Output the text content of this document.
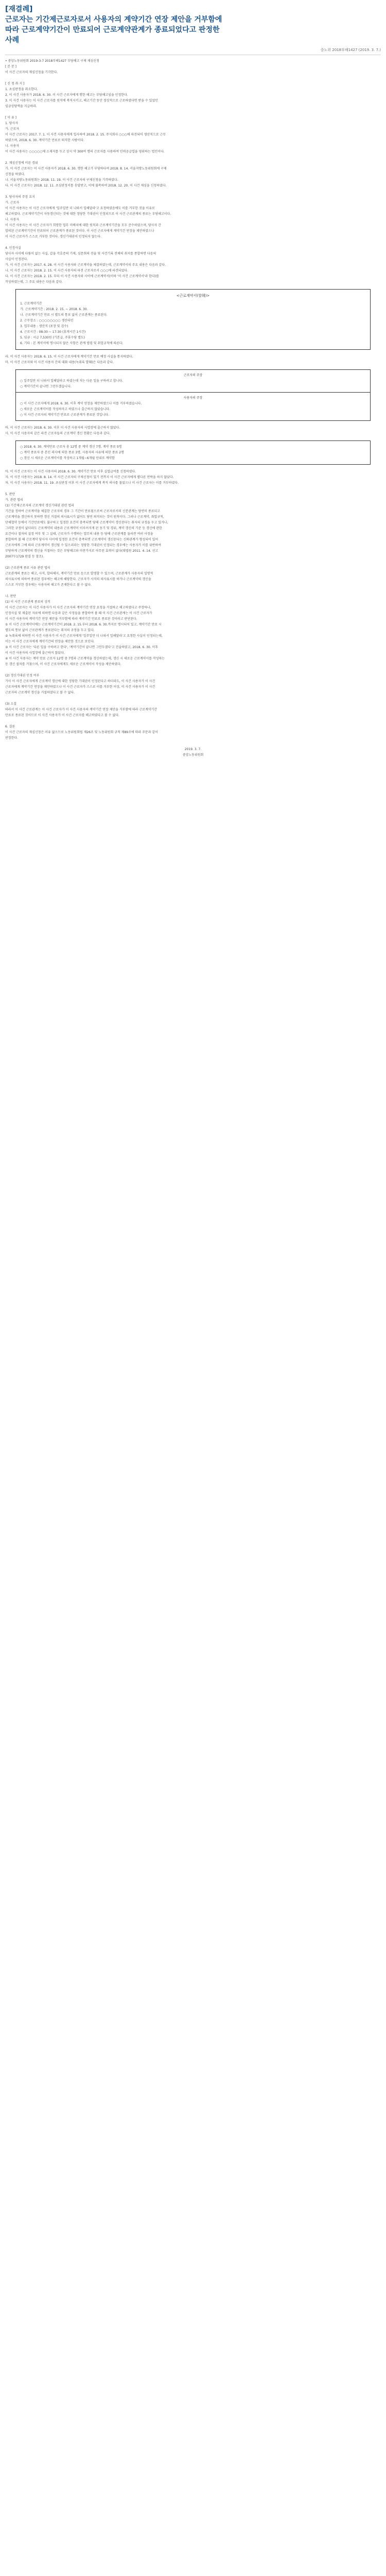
[재결례]
근로자는 기간제근로자로서 사용자의 계약기간 연장 제안을 거부함에
따라 근로계약기간이 만료되어 근로계약관계가 종료되었다고 판정한
사례
중노위 2018부해1427 (2019. 3. 7.)
• 중앙노동위원회 2019-3-7 2018부해1427 부당해고 구제 재심신청
[ 본 문 ]
이 사건 근로자의 재심신청을 기각한다.
[ 신 청 취 지 ]
1. 초심판정을 취소한다.
2. 이 사건 사용자가 2018. 6. 30. 이 사건 근로자에게 행한 해고는 부당해고임을 인정한다.
3. 이 사건 사용자는 이 사건 근로자를 원직에 복직시키고, 해고기간 동안 정상적으로 근로하였다면 받을 수 있었던
임금상당액을 지급하라.
[ 이 유 ]
1. 당사자
가. 근로자
이 사건 근로자는 2017. 7. 1. 이 사건 사용자에게 입사하여 2018. 2. 15. 주식회사 ○○○에 파견되어 생산직으로 근무
하였으며, 2018. 6. 30. 계약기간 만료로 퇴직한 사람이다.
나. 사용자
이 사건 사용자는 ○○○○○에 소재지를 두고 상시 약 300여 명의 근로자를 사용하여 인력공급업을 영위하는 법인이다.
2. 재심신청에 이른 경위
가. 이 사건 근로자는 이 사건 사용자가 2018. 6. 30. 행한 해고가 부당하다며 2018. 8. 14. 서울지방노동위원회에 구제
신청을 하였다.
나. 서울지방노동위원회는 2018. 11. 19. 이 사건 근로자의 구제신청을 기각하였다.
다. 이 사건 근로자는 2018. 12. 11. 초심판정서를 송달받고, 이에 불복하여 2018. 12. 20. 이 사건 재심을 신청하였다.
3. 당사자의 주장 요지
가. 근로자
이 사건 사용자는 이 사건 근로자에게 '일주일만 더 나와서 일해달라'고 요청하였음에도 이를 거부한 것을 이유로
해고하였다. 근로계약기간이 자동갱신되는 것에 대한 정당한 기대권이 인정되므로 이 사건 근로관계의 종료는 부당해고이다.
나. 사용자
이 사건 사용자는 이 사건 근로자가 희망한 업무 미배치에 대한 원칙과 근로계약기간을 모두 준수하였으며, 당사자 간
합의된 근로계약기간이 만료되어 근로관계가 종료된 것이다. 이 사건 근로자에게 계약기간 연장을 제안하였으나
이 사건 근로자가 스스로 거부한 것이다. 갱신기대권이 인정되지 않는다.
4. 인정사실
당사자 사이에 다툼이 없는 사실, 갑을 각호증의 기재, 심문회의 진술 및 사건기록 전체의 취지를 종합하면 다음의
사실이 인정된다.
가. 이 사건 근로자는 2017. 6. 28. 이 사건 사용자와 근로계약을 체결하였는데, 근로계약서의 주요 내용은 다음과 같다.
나. 이 사건 근로자는 2018. 2. 15. 이 사건 사용자의 파견 근로자로서 ○○○에 파견되었다.
다. 이 사건 근로자는 2018. 2. 15. 부터 이 사건 사용자와 사이에 근로계약서(이하 '이 사건 근로계약서'라 한다)를
작성하였는데, 그 주요 내용은 다음과 같다.
<근로계약서(발췌)>
1. 근로계약기간
가. 근로계약기간 : 2018. 2. 15. ~ 2018. 6. 30.
나. 근로계약기간 만료 시 별도의 통보 없이 근로관계는 종료된다.
2. 근무장소 : ○○○○○○○○ 생산라인
3. 업무내용 : 생산직 (포장 및 검수)
4. 근로시간 : 08:30 ~ 17:30 (휴게시간 1시간)
5. 임금 : 시급 7,530원 (기본급, 주휴수당 별도)
6. 기타 : 본 계약서에 명시되지 않은 사항은 관계 법령 및 취업규칙에 따른다.
라. 이 사건 사용자는 2018. 6. 15. 이 사건 근로자에게 계약기간 만료 예정 사실을 통지하였다.
마. 이 사건 근로자와 이 사건 사용자 간의 대화 내용(녹취록 발췌)은 다음과 같다.
근로자의 주장
○ 일주일만 더 나와서 일해달라고 하셨는데 저는 다른 일을 구하려고 합니다.
○ 계약기간이 끝나면 그만두겠습니다.
사용자의 주장
○ 이 사건 근로자에게 2018. 6. 30. 이후 계약 연장을 제안하였으나 이를 거부하였습니다.
○ 새로운 근로계약서를 작성하자고 하였으나 출근하지 않았습니다.
○ 이 사건 근로자의 계약기간 만료로 근로관계가 종료된 것입니다.
바. 이 사건 근로자는 2018. 6. 30. 이후 이 사건 사용자의 사업장에 출근하지 않았다.
사. 이 사건 사용자의 같은 파견 근로자들의 근로계약 갱신 현황은 다음과 같다.
○ 2018. 6. 30. 계약만료 근로자 총 12명 중 계약 갱신 7명, 계약 종료 5명
○ 계약 종료자 중 본인 의사에 의한 종료 3명, 사용자의 사유에 의한 종료 2명
○ 갱신 시 새로운 근로계약서를 작성하고 1개월~6개월 단위로 계약함
아. 이 사건 근로자는 이 사건 사용자의 2018. 6. 30. 계약기간 만료 이후 실업급여를 신청하였다.
자. 이 사건 사용자는 2018. 8. 14. 이 사건 근로자의 구제신청이 있기 전까지 이 사건 근로자에게 별다른 연락을 하지 않았다.
차. 이 사건 사용자는 2018. 11. 19. 초심판정 이후 이 사건 근로자에게 복직 의사를 물었으나 이 사건 근로자는 이를 거부하였다.
5. 판단
가. 관련 법리
(1) 기간제근로자의 근로계약 갱신기대권 관련 법리
기간을 정하여 근로계약을 체결한 근로자의 경우 그 기간이 만료됨으로써 근로자로서의 신분관계는 당연히 종료되고
근로계약을 갱신하지 못하면 갱신 거절의 의사표시가 없어도 당연 퇴직되는 것이 원칙이다. 그러나 근로계약, 취업규칙,
단체협약 등에서 기간만료에도 불구하고 일정한 요건이 충족되면 당해 근로계약이 갱신된다는 취지의 규정을 두고 있거나,
그러한 규정이 없더라도 근로계약의 내용과 근로계약이 이루어지게 된 동기 및 경위, 계약 갱신의 기준 등 갱신에 관한
요건이나 절차의 설정 여부 및 그 실태, 근로자가 수행하는 업무의 내용 등 당해 근로관계를 둘러싼 여러 사정을
종합하여 볼 때 근로계약 당사자 사이에 일정한 요건이 충족되면 근로계약이 갱신된다는 신뢰관계가 형성되어 있어
근로자에게 그에 따라 근로계약이 갱신될 수 있으리라는 정당한 기대권이 인정되는 경우에는 사용자가 이를 위반하여
부당하게 근로계약의 갱신을 거절하는 것은 부당해고와 마찬가지로 아무런 효력이 없다(대법원 2011. 4. 14. 선고
2007두1729 판결 등 참조).
(2) 근로관계 종료 사유 관련 법리
근로관계의 종료는 해고, 사직, 합의해지, 계약기간 만료 등으로 발생할 수 있으며, 근로관계가 사용자의 일방적
의사표시에 의하여 종료된 경우에는 해고에 해당한다. 근로자가 사직의 의사표시를 하거나 근로계약의 갱신을
스스로 거부한 경우에는 사용자의 해고가 존재한다고 볼 수 없다.
나. 판단
(1) 이 사건 근로관계 종료의 성격
이 사건 근로자는 이 사건 사용자가 이 사건 근로자의 계약기간 연장 요청을 거절하고 해고하였다고 주장하나,
인정사실 및 제출된 자료에 의하면 다음과 같은 사정들을 종합하여 볼 때 이 사건 근로관계는 이 사건 근로자가
이 사건 사용자의 계약기간 연장 제안을 거부함에 따라 계약기간 만료로 종료된 것이라고 판단된다.
① 이 사건 근로계약서에는 근로계약기간이 2018. 2. 15.부터 2018. 6. 30.까지로 명시되어 있고, 계약기간 만료 시
별도의 통보 없이 근로관계가 종료된다는 취지의 규정을 두고 있다.
② 녹취록에 의하면 이 사건 사용자가 이 사건 근로자에게 '일주일만 더 나와서 일해달라'고 요청한 사실이 인정되는데,
이는 이 사건 근로자에게 계약기간의 연장을 제안한 것으로 보인다.
③ 이 사건 근로자는 '다른 일을 구하려고 한다', '계약기간이 끝나면 그만두겠다'고 진술하였고, 2018. 6. 30. 이후
이 사건 사용자의 사업장에 출근하지 않았다.
④ 이 사건 사용자는 계약 만료 근로자 12명 중 7명과 근로계약을 갱신하였는데, 갱신 시 새로운 근로계약서를 작성하는
등 갱신 절차를 거쳤으며, 이 사건 근로자에게도 새로운 근로계약서 작성을 제안하였다.
(2) 갱신기대권 인정 여부
가사 이 사건 근로자에게 근로계약 갱신에 대한 정당한 기대권이 인정된다고 하더라도, 이 사건 사용자가 이 사건
근로자에게 계약기간 연장을 제안하였으나 이 사건 근로자가 스스로 이를 거부한 이상, 이 사건 사용자가 이 사건
근로자의 근로계약 갱신을 거절하였다고 볼 수 없다.
(3) 소결
따라서 이 사건 근로관계는 이 사건 근로자가 이 사건 사용자의 계약기간 연장 제안을 거부함에 따라 근로계약기간
만료로 종료된 것이므로 이 사건 사용자가 이 사건 근로자를 해고하였다고 볼 수 없다.
6. 결론
이 사건 근로자의 재심신청은 이유 없으므로 노동위원회법 제26조 및 노동위원회 규칙 제89조에 따라 주문과 같이
판정한다.
2019. 3. 7.
중앙노동위원회
